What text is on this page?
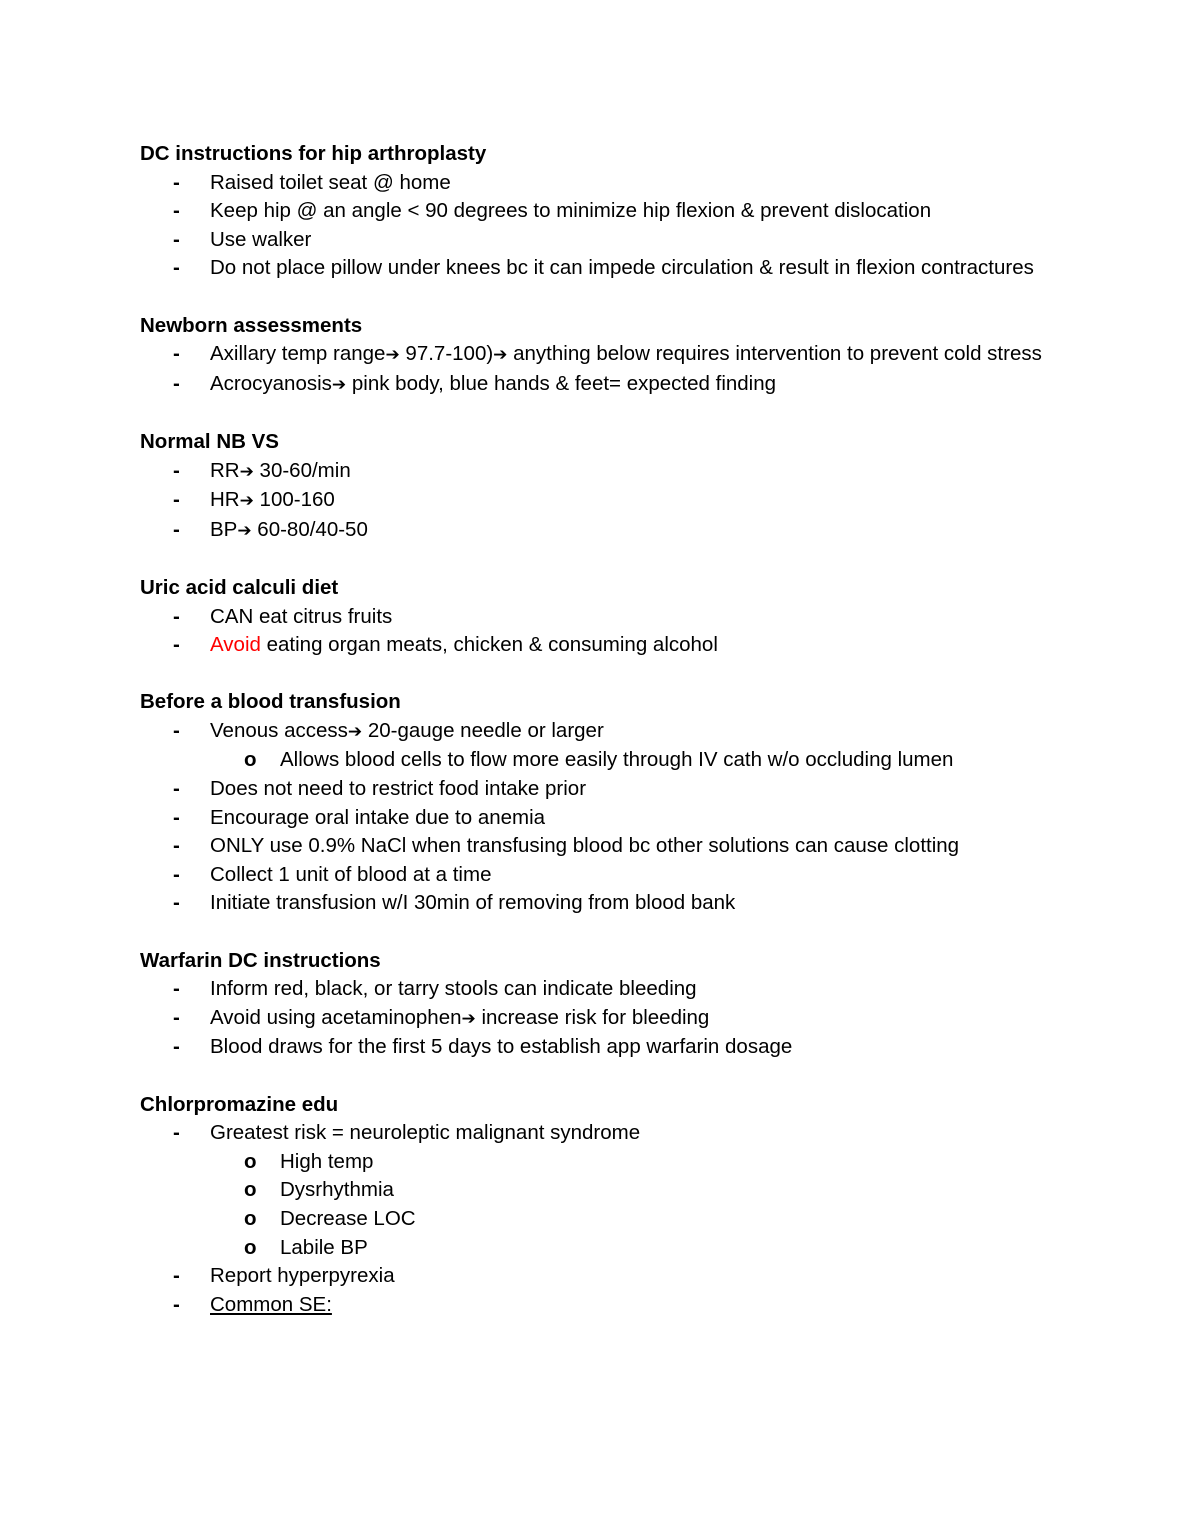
DC instructions for hip arthroplasty
- Raised toilet seat @ home
- Keep hip @ an angle < 90 degrees to minimize hip flexion & prevent dislocation
- Use walker
- Do not place pillow under knees bc it can impede circulation & result in flexion contractures
Newborn assessments
- Axillary temp range➔ 97.7-100)➔ anything below requires intervention to prevent cold stress
- Acrocyanosis➔ pink body, blue hands & feet= expected finding
Normal NB VS
- RR➔ 30-60/min
- HR➔ 100-160
- BP➔ 60-80/40-50
Uric acid calculi diet
- CAN eat citrus fruits
- Avoid eating organ meats, chicken & consuming alcohol
Before a blood transfusion
- Venous access➔ 20-gauge needle or larger
o Allows blood cells to flow more easily through IV cath w/o occluding lumen
- Does not need to restrict food intake prior
- Encourage oral intake due to anemia
- ONLY use 0.9% NaCl when transfusing blood bc other solutions can cause clotting
- Collect 1 unit of blood at a time
- Initiate transfusion w/I 30min of removing from blood bank
Warfarin DC instructions
- Inform red, black, or tarry stools can indicate bleeding
- Avoid using acetaminophen➔ increase risk for bleeding
- Blood draws for the first 5 days to establish app warfarin dosage
Chlorpromazine edu
- Greatest risk = neuroleptic malignant syndrome
o High temp
o Dysrhythmia
o Decrease LOC
o Labile BP
- Report hyperpyrexia
- Common SE:
